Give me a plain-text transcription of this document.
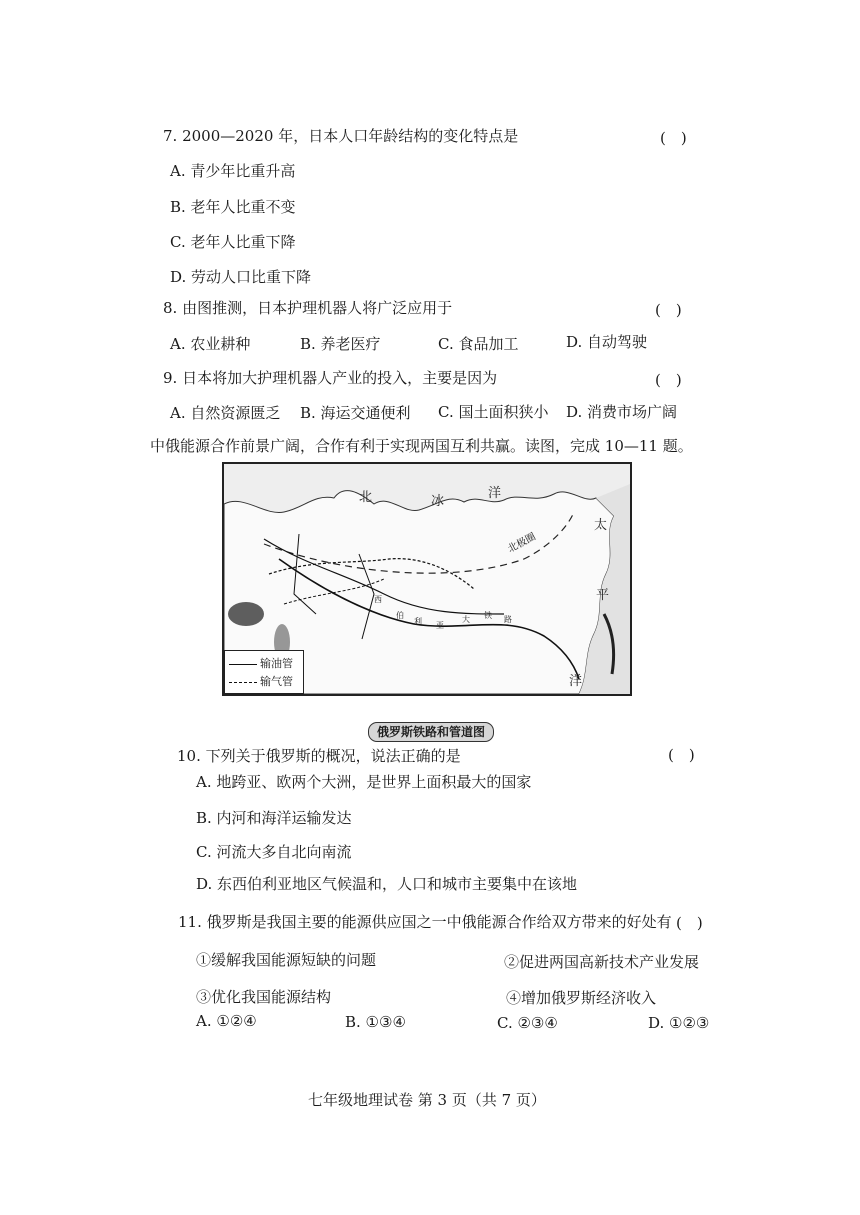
7. 2000—2020 年，日本人口年龄结构的变化特点是	(　)
A. 青少年比重升高
B. 老年人比重不变
C. 老年人比重下降
D. 劳动人口比重下降
8. 由图推测，日本护理机器人将广泛应用于	(　)
A. 农业耕种	B. 养老医疗	C. 食品加工	D. 自动驾驶
9. 日本将加大护理机器人产业的投入，主要是因为	(　)
A. 自然资源匮乏 B. 海运交通便利 C. 国土面积狭小 D. 消费市场广阔
中俄能源合作前景广阔，合作有利于实现两国互利共赢。读图，完成 10—11 题。
北	冰
洋
太
平
洋
北极圈
西
伯
利 亚
大 铁 路
输油管
输气管
俄罗斯铁路和管道图
10. 下列关于俄罗斯的概况，说法正确的是	(　)
A. 地跨亚、欧两个大洲，是世界上面积最大的国家
B. 内河和海洋运输发达
C. 河流大多自北向南流
D. 东西伯利亚地区气候温和，人口和城市主要集中在该地
11. 俄罗斯是我国主要的能源供应国之一中俄能源合作给双方带来的好处有 (　)
①缓解我国能源短缺的问题	②促进两国高新技术产业发展
③优化我国能源结构	④增加俄罗斯经济收入
A. ①②④	B. ①③④	C. ②③④	D. ①②③
七年级地理试卷 第 3 页（共 7 页）
